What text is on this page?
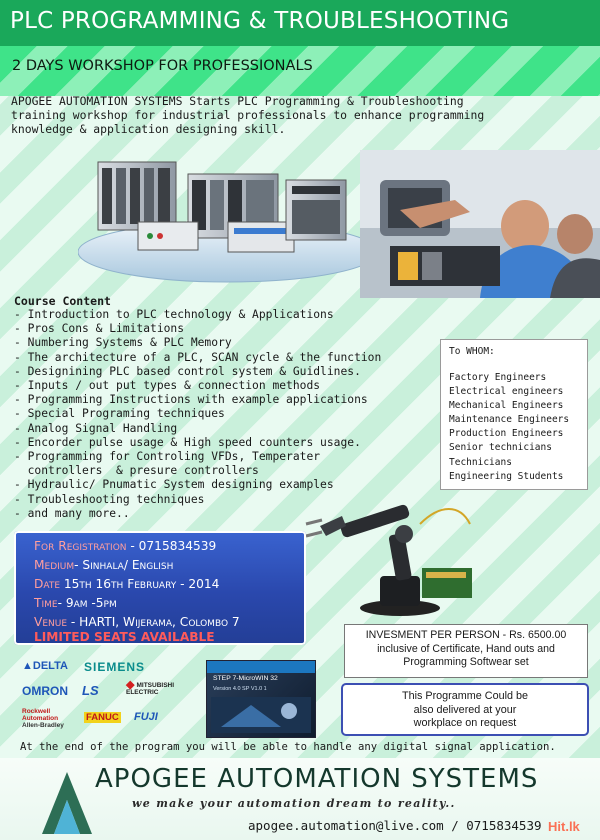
PLC PROGRAMMING & TROUBLESHOOTING
2 DAYS WORKSHOP FOR PROFESSIONALS
APOGEE AUTOMATION SYSTEMS Starts PLC Programming & Troubleshooting
training workshop for industrial professionals to enhance programming
knowledge & application designing skill.
Course Content
- Introduction to PLC technology & Applications
- Pros Cons & Limitations
- Numbering Systems & PLC Memory
- The architecture of a PLC, SCAN cycle & the function
- Designining PLC based control system & Guidlines.
- Inputs / out put types & connection methods
- Programming Instructions with example applications
- Special Programing techniques
- Analog Signal Handling
- Encorder pulse usage & High speed counters usage.
- Programming for Controling VFDs, Temperater
controllers  & presure controllers
- Hydraulic/ Pnumatic System designing examples
- Troubleshooting techniques
- and many more..
To WHOM:
Factory Engineers
Electrical engineers
Mechanical Engineers
Maintenance Engineers
Production Engineers
Senior technicians
Technicians
Engineering Students
For Registration - 0715834539
Medium- Sinhala/ English
Date 15th 16th February - 2014
Time- 9am -5pm
Venue - HARTI, Wijerama, Colombo 7
LIMITED SEATS AVAILABLE	INVESMENT PER PERSON - Rs. 6500.00
inclusive of Certificate, Hand outs and
Programming Softwear set
This Programme Could be
also delivered at your
workplace on request
▲DELTA SIEMENS
OMRON LS ◆ MITSUBISHI
ELECTRIC
Rockwell
Automation
Allen-Bradley
FANUC FUJI
STEP 7-MicroWIN 32
Version 4.0 SP V1.0 1
At the end of the program you will be able to handle any digital signal application.
APOGEE AUTOMATION SYSTEMS
we make your automation dream to reality..
apogee.automation@live.com / 0715834539 Hit.lk
